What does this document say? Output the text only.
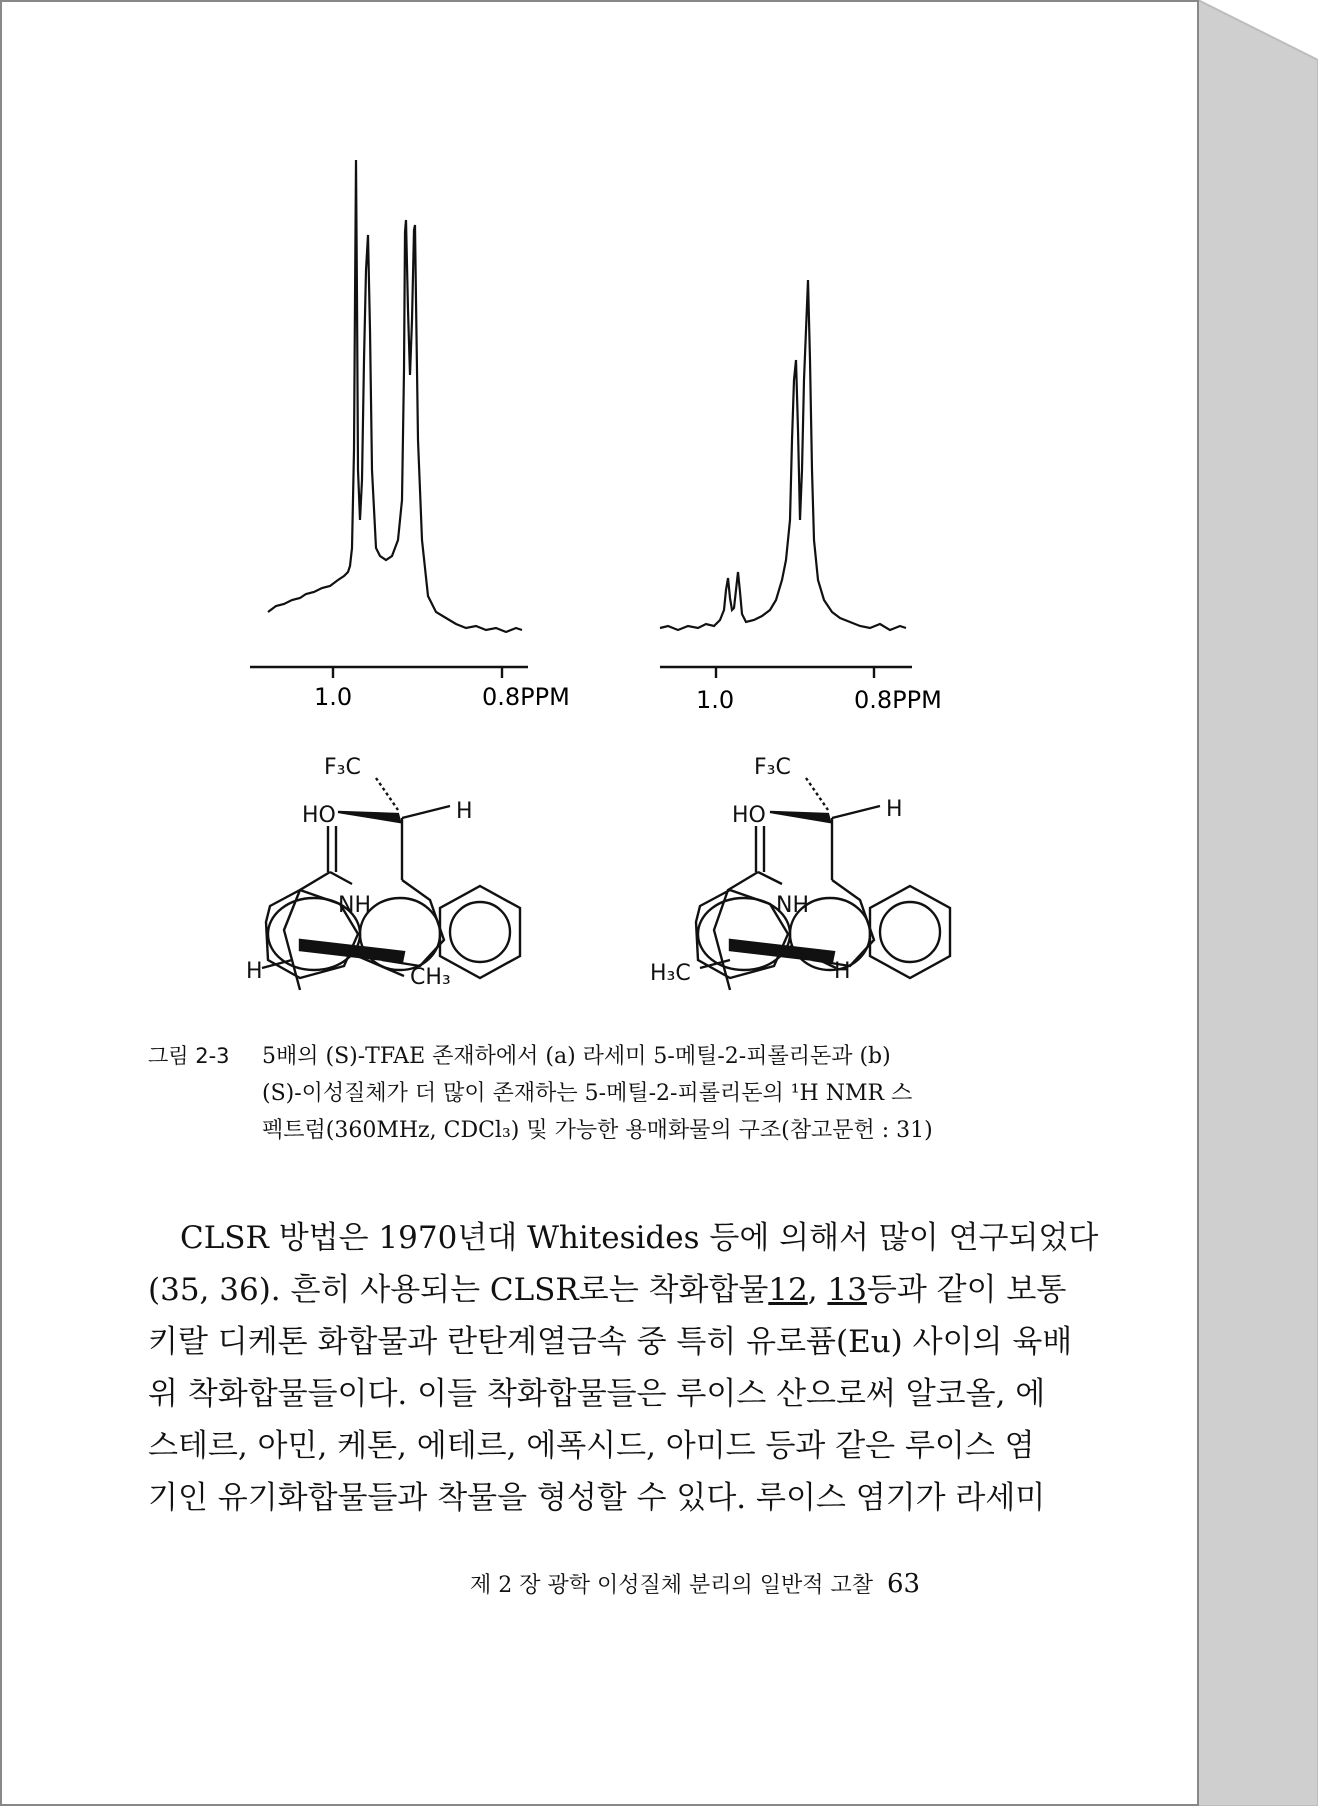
1.0	0.8PPM	1.0	0.8PPM
F₃C
HO	H
NH
H	CH₃
F₃C
HO	H
NH
H₃C	H
그림 2-3 5배의 (S)-TFAE 존재하에서 (a) 라세미 5-메틸-2-피롤리돈과 (b)
(S)-이성질체가 더 많이 존재하는 5-메틸-2-피롤리돈의 ¹H NMR 스
펙트럼(360MHz, CDCl₃) 및 가능한 용매화물의 구조(참고문헌 : 31)
CLSR 방법은 1970년대 Whitesides 등에 의해서 많이 연구되었다
(35, 36). 흔히 사용되는 CLSR로는 착화합물 12, 13 등과 같이 보통
키랄 디케톤 화합물과 란탄계열금속 중 특히 유로퓸(Eu) 사이의 육배
위 착화합물들이다. 이들 착화합물들은 루이스 산으로써 알코올, 에
스테르, 아민, 케톤, 에테르, 에폭시드, 아미드 등과 같은 루이스 염
기인 유기화합물들과 착물을 형성할 수 있다. 루이스 염기가 라세미
제 2 장 광학 이성질체 분리의 일반적 고찰 63
